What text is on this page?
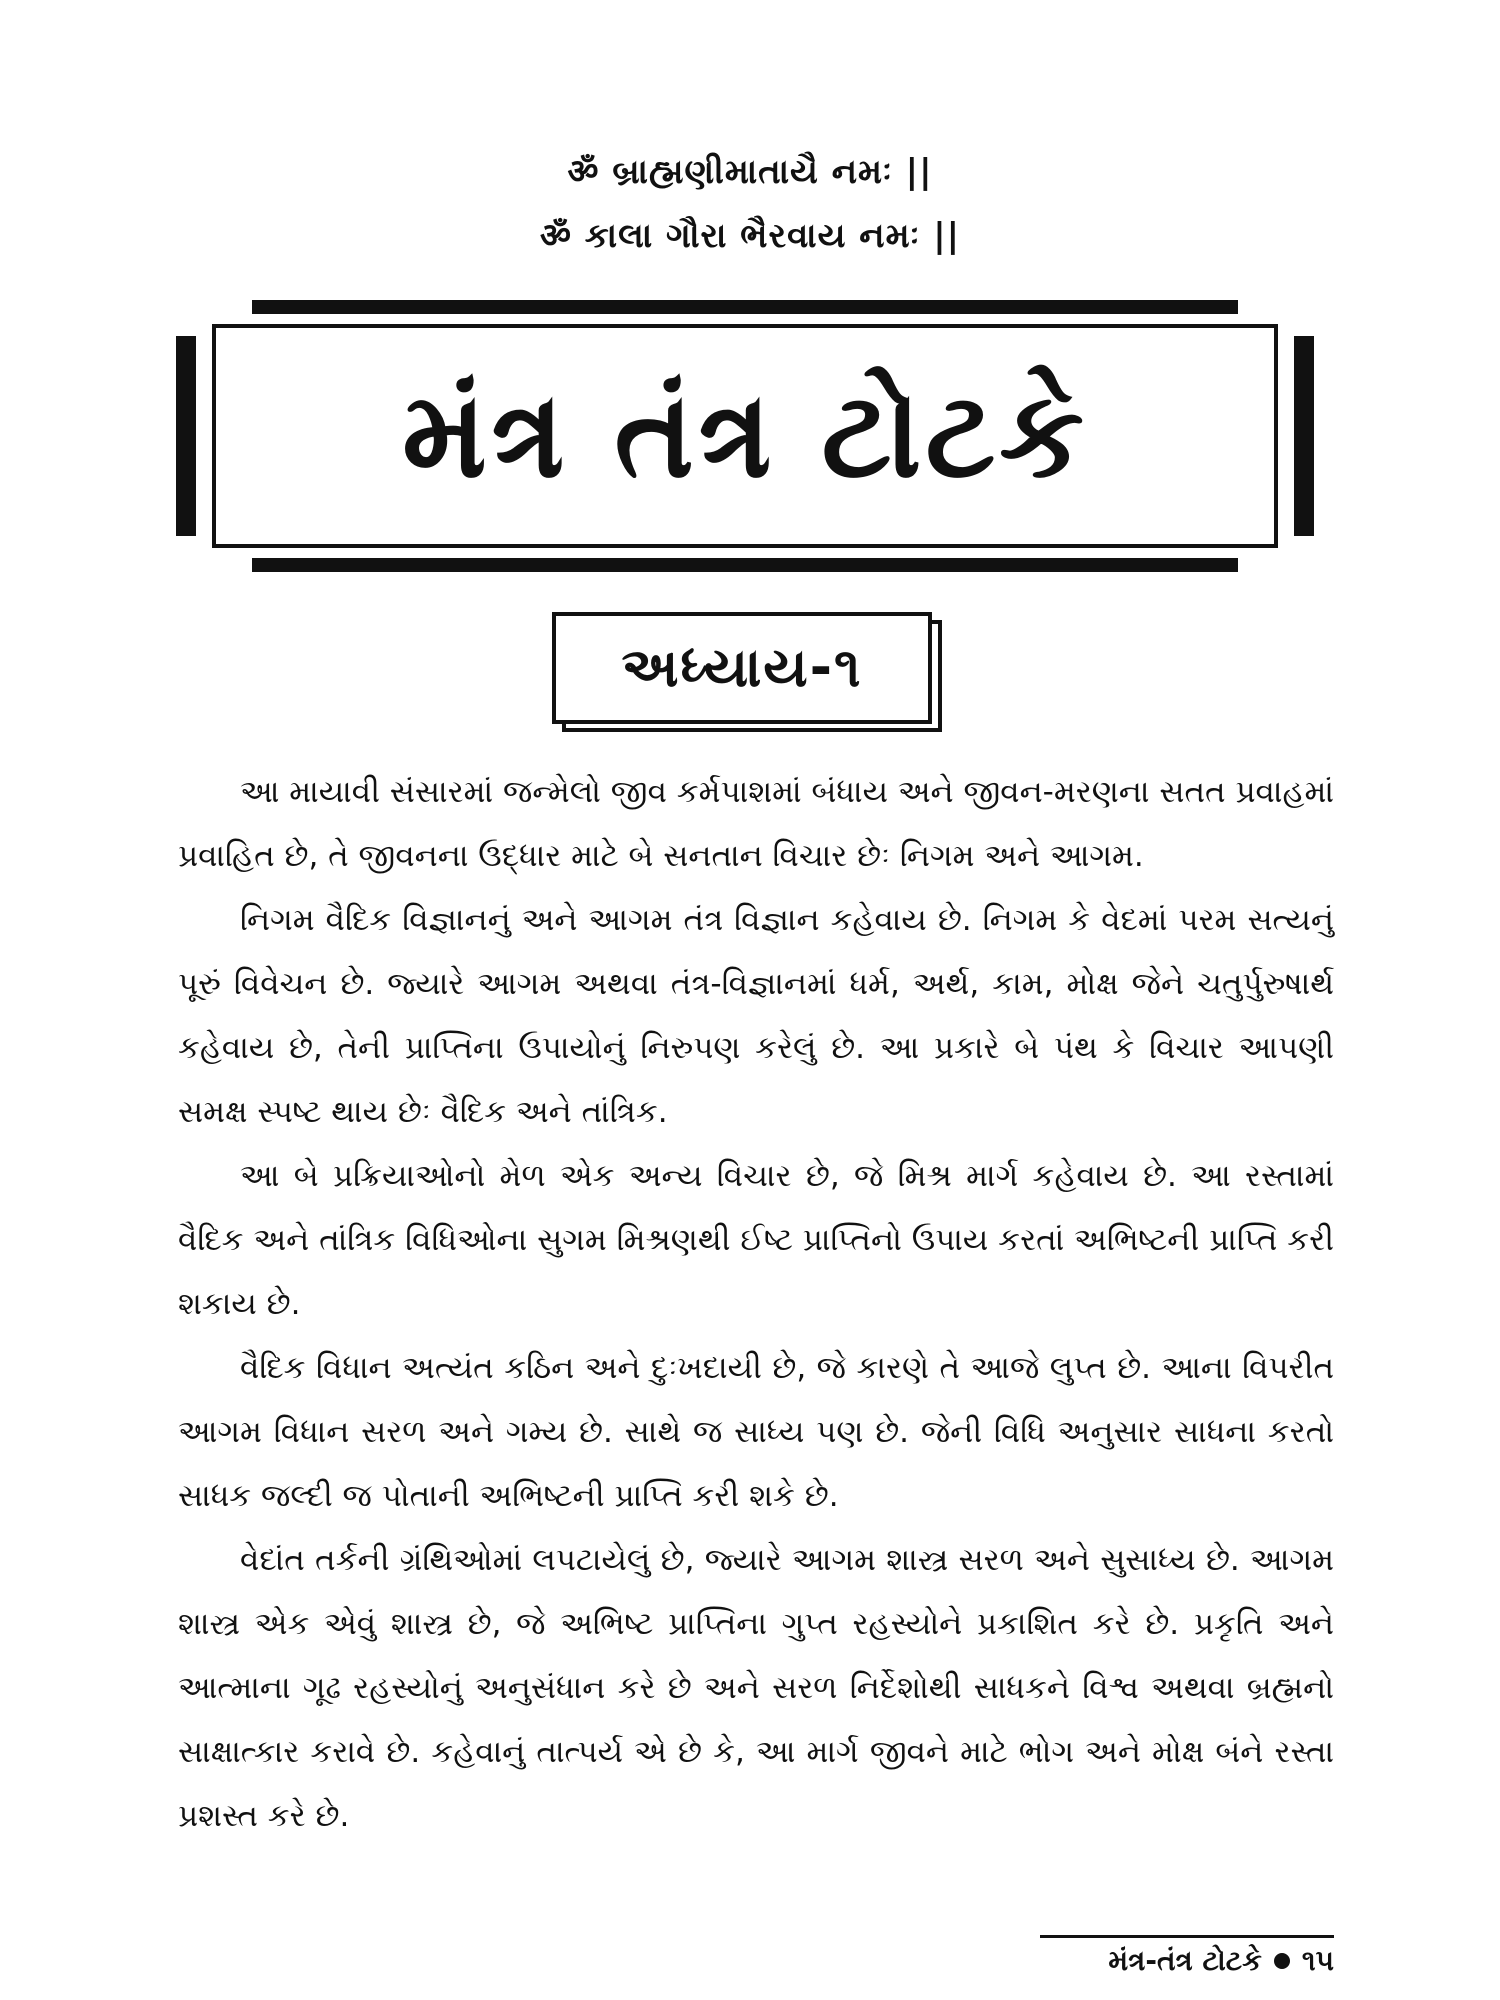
ॐ બ્રાહ્મણીમાતાયૈ નમઃ ||
ॐ કાલા ગૌરા ભૈરવાય નમઃ ||
મંત્ર તંત્ર ટોટકે
અધ્યાય-૧

આ માયાવી સંસારમાં જન્મેલો જીવ કર્મપાશમાં બંધાય અને જીવન-મરણના સતત પ્રવાહમાં પ્રવાહિત છે, તે જીવનના ઉદ્ધાર માટે બે સનતાન વિચાર છેઃ નિગમ અને આગમ.

નિગમ વૈદિક વિજ્ઞાનનું અને આગમ તંત્ર વિજ્ઞાન કહેવાય છે. નિગમ કે વેદમાં પરમ સત્યનું પૂરું વિવેચન છે. જ્યારે આગમ અથવા તંત્ર-વિજ્ઞાનમાં ધર્મ, અર્થ, કામ, મોક્ષ જેને ચતુર્પુરુષાર્થ કહેવાય છે, તેની પ્રાપ્તિના ઉપાયોનું નિરુપણ કરેલું છે. આ પ્રકારે બે પંથ કે વિચાર આપણી સમક્ષ સ્પષ્ટ થાય છેઃ વૈદિક અને તાંત્રિક.

આ બે પ્રક્રિયાઓનો મેળ એક અન્ય વિચાર છે, જે મિશ્ર માર્ગ કહેવાય છે. આ રસ્તામાં વૈદિક અને તાંત્રિક વિધિઓના સુગમ મિશ્રણથી ઈષ્ટ પ્રાપ્તિનો ઉપાય કરતાં અભિષ્ટની પ્રાપ્તિ કરી શકાય છે.

વૈદિક વિધાન અત્યંત કઠિન અને દુઃખદાયી છે, જે કારણે તે આજે લુપ્ત છે. આના વિપરીત આગમ વિધાન સરળ અને ગમ્ય છે. સાથે જ સાધ્ય પણ છે. જેની વિધિ અનુસાર સાધના કરતો સાધક જલ્દી જ પોતાની અભિષ્ટની પ્રાપ્તિ કરી શકે છે.

વેદાંત તર્કની ગ્રંથિઓમાં લપટાયેલું છે, જ્યારે આગમ શાસ્ત્ર સરળ અને સુસાધ્ય છે. આગમ શાસ્ત્ર એક એવું શાસ્ત્ર છે, જે અભિષ્ટ પ્રાપ્તિના ગુપ્ત રહસ્યોને પ્રકાશિત કરે છે. પ્રકૃતિ અને આત્માના ગૂઢ રહસ્યોનું અનુસંધાન કરે છે અને સરળ નિર્દેશોથી સાધકને વિશ્વ અથવા બ્રહ્મનો સાક્ષાત્કાર કરાવે છે. કહેવાનું તાત્પર્ય એ છે કે, આ માર્ગ જીવને માટે ભોગ અને મોક્ષ બંને રસ્તા પ્રશસ્ત કરે છે.

મંત્ર-તંત્ર ટોટકે ૧૫
